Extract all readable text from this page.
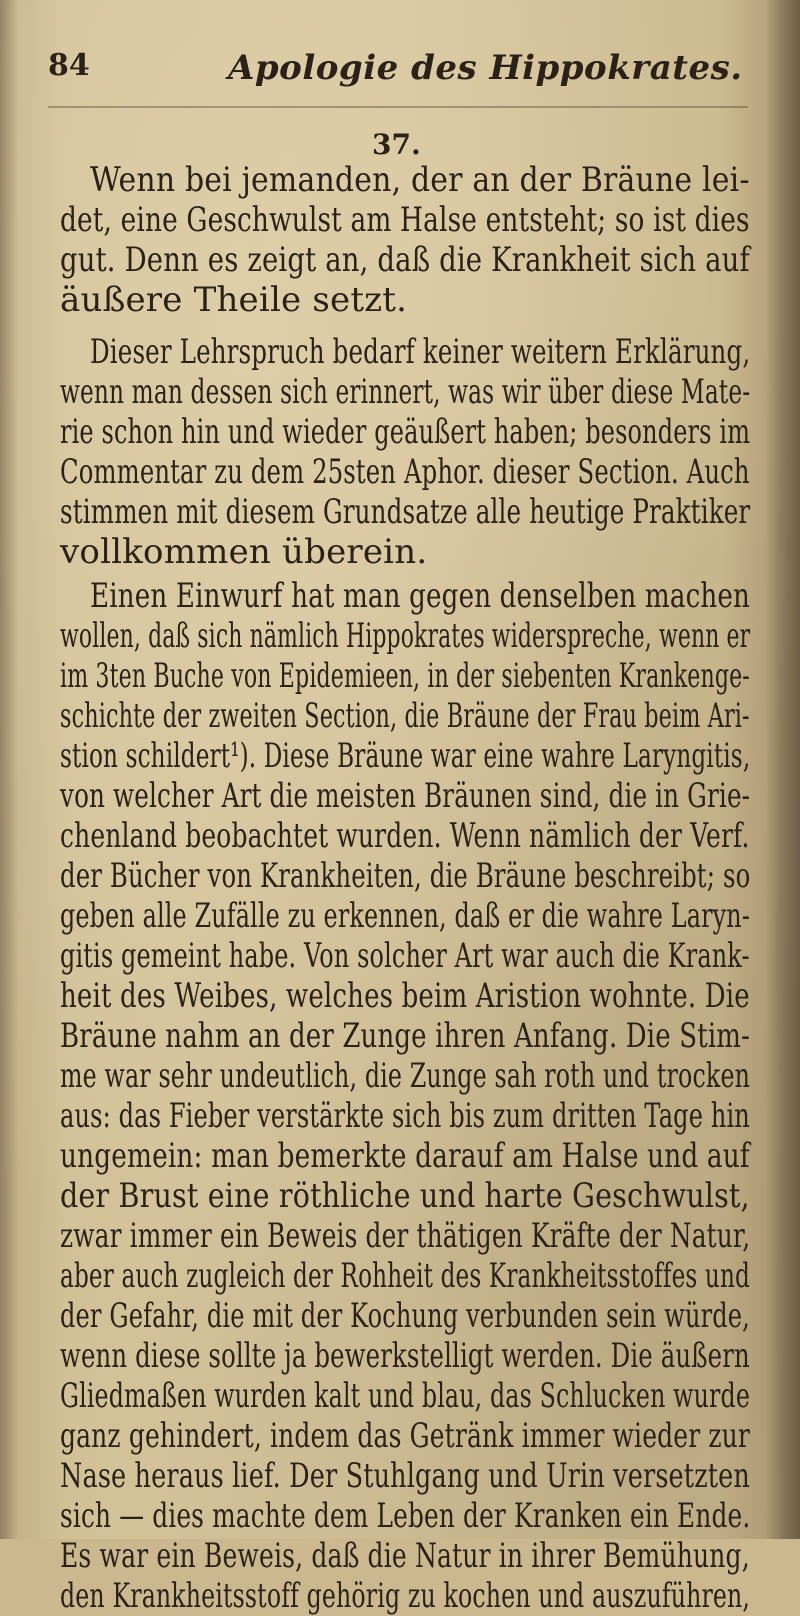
84	Apologie des Hippokrates.
37.
Wenn bei jemanden, der an der Bräune lei-
det, eine Geschwulst am Halse entsteht; so ist dies
gut. Denn es zeigt an, daß die Krankheit sich auf
äußere Theile setzt.
Dieser Lehrspruch bedarf keiner weitern Erklärung,
wenn man dessen sich erinnert, was wir über diese Mate-
rie schon hin und wieder geäußert haben; besonders im
Commentar zu dem 25sten Aphor. dieser Section. Auch
stimmen mit diesem Grundsatze alle heutige Praktiker
vollkommen überein.
Einen Einwurf hat man gegen denselben machen
wollen, daß sich nämlich Hippokrates widerspreche, wenn er
im 3ten Buche von Epidemieen, in der siebenten Krankenge-
schichte der zweiten Section, die Bräune der Frau beim Ari-
stion schildert¹). Diese Bräune war eine wahre Laryngitis,
von welcher Art die meisten Bräunen sind, die in Grie-
chenland beobachtet wurden. Wenn nämlich der Verf.
der Bücher von Krankheiten, die Bräune beschreibt; so
geben alle Zufälle zu erkennen, daß er die wahre Laryn-
gitis gemeint habe. Von solcher Art war auch die Krank-
heit des Weibes, welches beim Aristion wohnte. Die
Bräune nahm an der Zunge ihren Anfang. Die Stim-
me war sehr undeutlich, die Zunge sah roth und trocken
aus: das Fieber verstärkte sich bis zum dritten Tage hin
ungemein: man bemerkte darauf am Halse und auf
der Brust eine röthliche und harte Geschwulst,
zwar immer ein Beweis der thätigen Kräfte der Natur,
aber auch zugleich der Rohheit des Krankheitsstoffes und
der Gefahr, die mit der Kochung verbunden sein würde,
wenn diese sollte ja bewerkstelligt werden. Die äußern
Gliedmaßen wurden kalt und blau, das Schlucken wurde
ganz gehindert, indem das Getränk immer wieder zur
Nase heraus lief. Der Stuhlgang und Urin versetzten
sich — dies machte dem Leben der Kranken ein Ende.
Es war ein Beweis, daß die Natur in ihrer Bemühung,
den Krankheitsstoff gehörig zu kochen und auszuführen,
